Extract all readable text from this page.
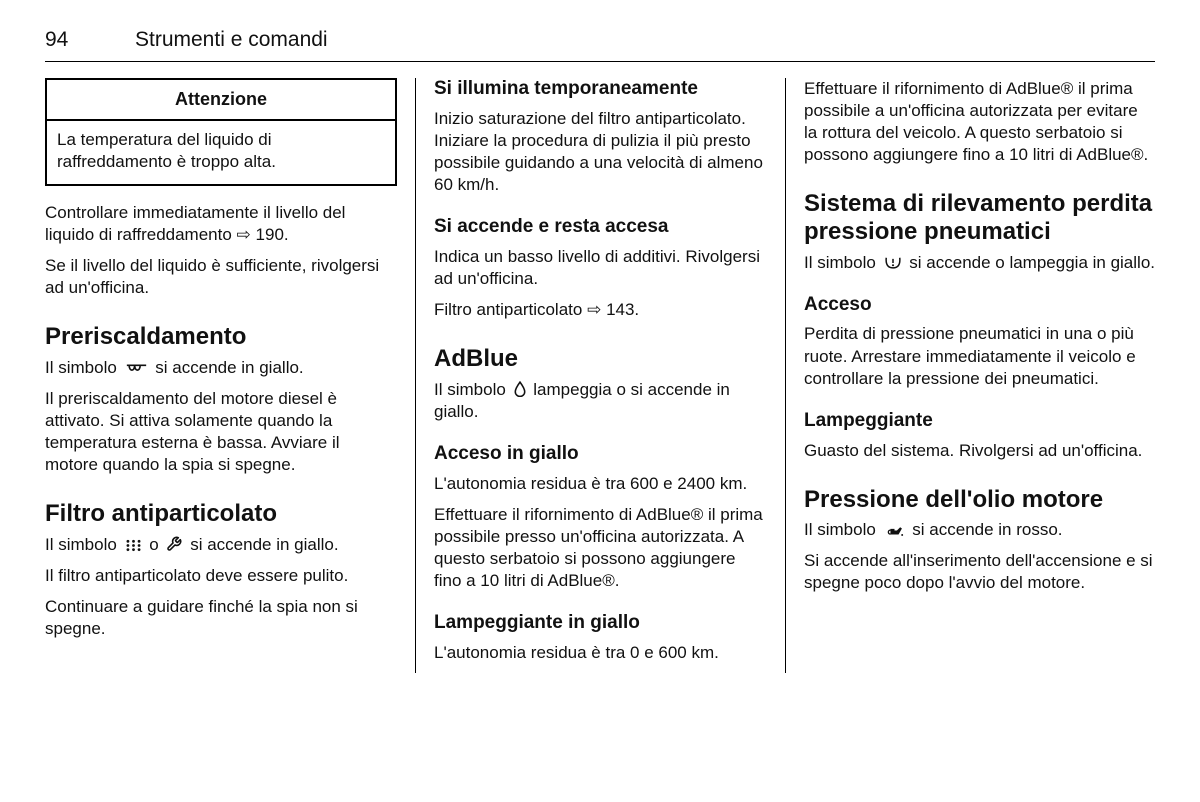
94	Strumenti e comandi
Attenzione
La temperatura del liquido di raffreddamento è troppo alta.

Controllare immediatamente il livello del liquido di raffreddamento ⇨ 190.

Se il livello del liquido è sufficiente, rivolgersi ad un'officina.

Preriscaldamento

Il simbolo si accende in giallo.

Il preriscaldamento del motore diesel è attivato. Si attiva solamente quando la temperatura esterna è bassa. Avviare il motore quando la spia si spegne.

Filtro antiparticolato

Il simbolo o si accende in giallo.

Il filtro antiparticolato deve essere pulito.

Continuare a guidare finché la spia non si spegne.

Si illumina temporaneamente

Inizio saturazione del filtro antiparticolato. Iniziare la procedura di pulizia il più presto possibile guidando a una velocità di almeno 60 km/h.

Si accende e resta accesa

Indica un basso livello di additivi. Rivolgersi ad un'officina.

Filtro antiparticolato ⇨ 143.

AdBlue

Il simbolo lampeggia o si accende in giallo.

Acceso in giallo

L'autonomia residua è tra 600 e 2400 km.

Effettuare il rifornimento di AdBlue® il prima possibile presso un'officina autorizzata. A questo serbatoio si possono aggiungere fino a 10 litri di AdBlue®.

Lampeggiante in giallo

L'autonomia residua è tra 0 e 600 km.

Effettuare il rifornimento di AdBlue® il prima possibile a un'officina autorizzata per evitare la rottura del veicolo. A questo serbatoio si possono aggiungere fino a 10 litri di AdBlue®.

Sistema di rilevamento perdita pressione pneumatici

Il simbolo si accende o lampeggia in giallo.

Acceso

Perdita di pressione pneumatici in una o più ruote. Arrestare immediatamente il veicolo e controllare la pressione dei pneumatici.

Lampeggiante

Guasto del sistema. Rivolgersi ad un'officina.

Pressione dell'olio motore

Il simbolo si accende in rosso.

Si accende all'inserimento dell'accensione e si spegne poco dopo l'avvio del motore.
